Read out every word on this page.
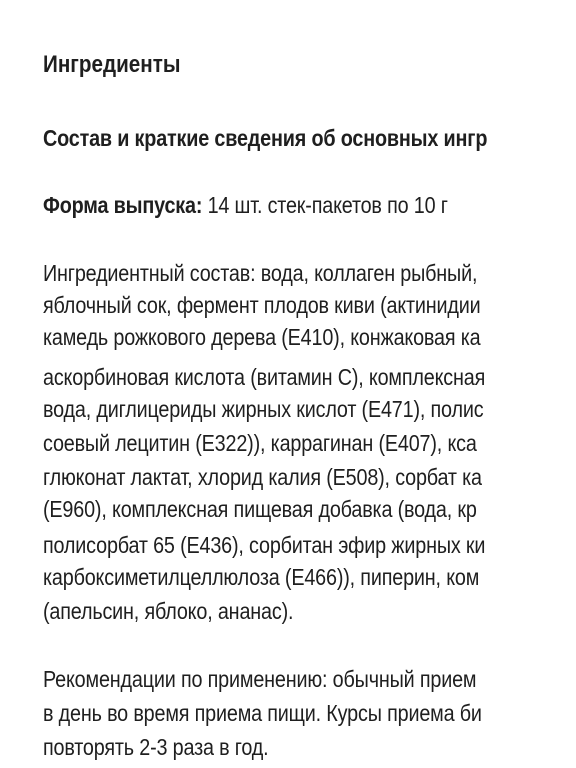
Ингредиенты
Состав и краткие сведения об основных ингр
Форма выпуска: 14 шт. стек-пакетов по 10 г
Ингредиентный состав: вода, коллаген рыбный,
яблочный сок, фермент плодов киви (актинидии
камедь рожкового дерева (Е410), конжаковая ка
аскорбиновая кислота (витамин С), комплексная
вода, диглицериды жирных кислот (Е471), полис
соевый лецитин (Е322)), каррагинан (Е407), кса
глюконат лактат, хлорид калия (Е508), сорбат ка
(Е960), комплексная пищевая добавка (вода, кр
полисорбат 65 (Е436), сорбитан эфир жирных ки
карбоксиметилцеллюлоза (Е466)), пиперин, ком
(апельсин, яблоко, ананас).
Рекомендации по применению: обычный прием
в день во время приема пищи. Курсы приема би
повторять 2-3 раза в год.
